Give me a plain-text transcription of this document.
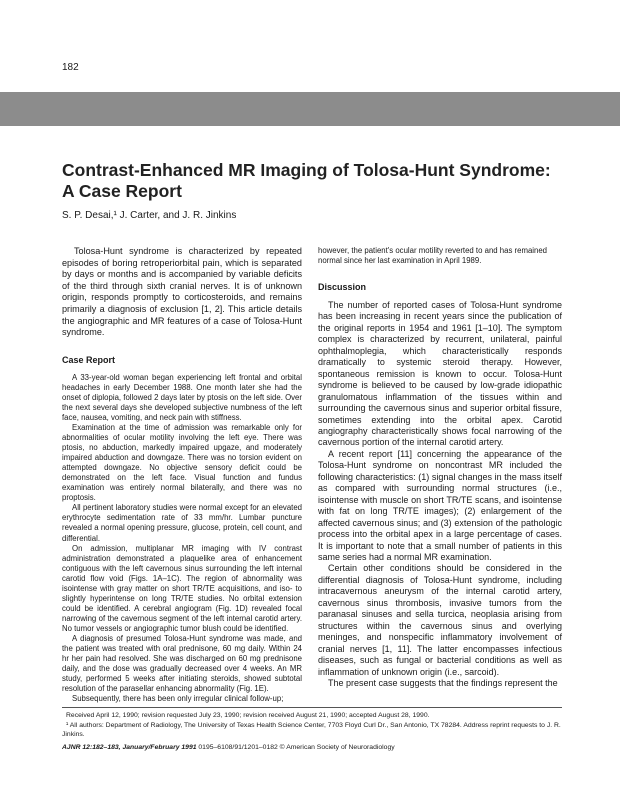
182
Contrast-Enhanced MR Imaging of Tolosa-Hunt Syndrome: A Case Report
S. P. Desai,¹ J. Carter, and J. R. Jinkins

Tolosa-Hunt syndrome is characterized by repeated episodes of boring retroperiorbital pain, which is separated by days or months and is accompanied by variable deficits of the third through sixth cranial nerves. It is of unknown origin, responds promptly to corticosteroids, and remains primarily a diagnosis of exclusion [1, 2]. This article details the angiographic and MR features of a case of Tolosa-Hunt syndrome.

Case Report

A 33-year-old woman began experiencing left frontal and orbital headaches in early December 1988. One month later she had the onset of diplopia, followed 2 days later by ptosis on the left side. Over the next several days she developed subjective numbness of the left face, nausea, vomiting, and neck pain with stiffness.

Examination at the time of admission was remarkable only for abnormalities of ocular motility involving the left eye. There was ptosis, no abduction, markedly impaired upgaze, and moderately impaired abduction and downgaze. There was no torsion evident on attempted downgaze. No objective sensory deficit could be demonstrated on the left face. Visual function and fundus examination was entirely normal bilaterally, and there was no proptosis.

All pertinent laboratory studies were normal except for an elevated erythrocyte sedimentation rate of 33 mm/hr. Lumbar puncture revealed a normal opening pressure, glucose, protein, cell count, and differential.

On admission, multiplanar MR imaging with IV contrast administration demonstrated a plaquelike area of enhancement contiguous with the left cavernous sinus surrounding the left internal carotid flow void (Figs. 1A–1C). The region of abnormality was isointense with gray matter on short TR/TE acquisitions, and iso- to slightly hyperintense on long TR/TE studies. No orbital extension could be identified. A cerebral angiogram (Fig. 1D) revealed focal narrowing of the cavernous segment of the left internal carotid artery. No tumor vessels or angiographic tumor blush could be identified.

A diagnosis of presumed Tolosa-Hunt syndrome was made, and the patient was treated with oral prednisone, 60 mg daily. Within 24 hr her pain had resolved. She was discharged on 60 mg prednisone daily, and the dose was gradually decreased over 4 weeks. An MR study, performed 5 weeks after initiating steroids, showed subtotal resolution of the parasellar enhancing abnormality (Fig. 1E).

Subsequently, there has been only irregular clinical follow-up;

however, the patient's ocular motility reverted to and has remained normal since her last examination in April 1989.

Discussion

The number of reported cases of Tolosa-Hunt syndrome has been increasing in recent years since the publication of the original reports in 1954 and 1961 [1–10]. The symptom complex is characterized by recurrent, unilateral, painful ophthalmoplegia, which characteristically responds dramatically to systemic steroid therapy. However, spontaneous remission is known to occur. Tolosa-Hunt syndrome is believed to be caused by low-grade idiopathic granulomatous inflammation of the tissues within and surrounding the cavernous sinus and superior orbital fissure, sometimes extending into the orbital apex. Carotid angiography characteristically shows focal narrowing of the cavernous portion of the internal carotid artery.

A recent report [11] concerning the appearance of the Tolosa-Hunt syndrome on noncontrast MR included the following characteristics: (1) signal changes in the mass itself as compared with surrounding normal structures (i.e., isointense with muscle on short TR/TE scans, and isointense with fat on long TR/TE images); (2) enlargement of the affected cavernous sinus; and (3) extension of the pathologic process into the orbital apex in a large percentage of cases. It is important to note that a small number of patients in this same series had a normal MR examination.

Certain other conditions should be considered in the differential diagnosis of Tolosa-Hunt syndrome, including intracavernous aneurysm of the internal carotid artery, cavernous sinus thrombosis, invasive tumors from the paranasal sinuses and sella turcica, neoplasia arising from structures within the cavernous sinus and overlying meninges, and nonspecific inflammatory involvement of cranial nerves [1, 11]. The latter encompasses infectious diseases, such as fungal or bacterial conditions as well as inflammation of unknown origin (i.e., sarcoid).

The present case suggests that the findings represent the

Received April 12, 1990; revision requested July 23, 1990; revision received August 21, 1990; accepted August 28, 1990.

¹ All authors: Department of Radiology, The University of Texas Health Science Center, 7703 Floyd Curl Dr., San Antonio, TX 78284. Address reprint requests to J. R. Jinkins.

AJNR 12:182–183, January/February 1991 0195–6108/91/1201–0182 © American Society of Neuroradiology
